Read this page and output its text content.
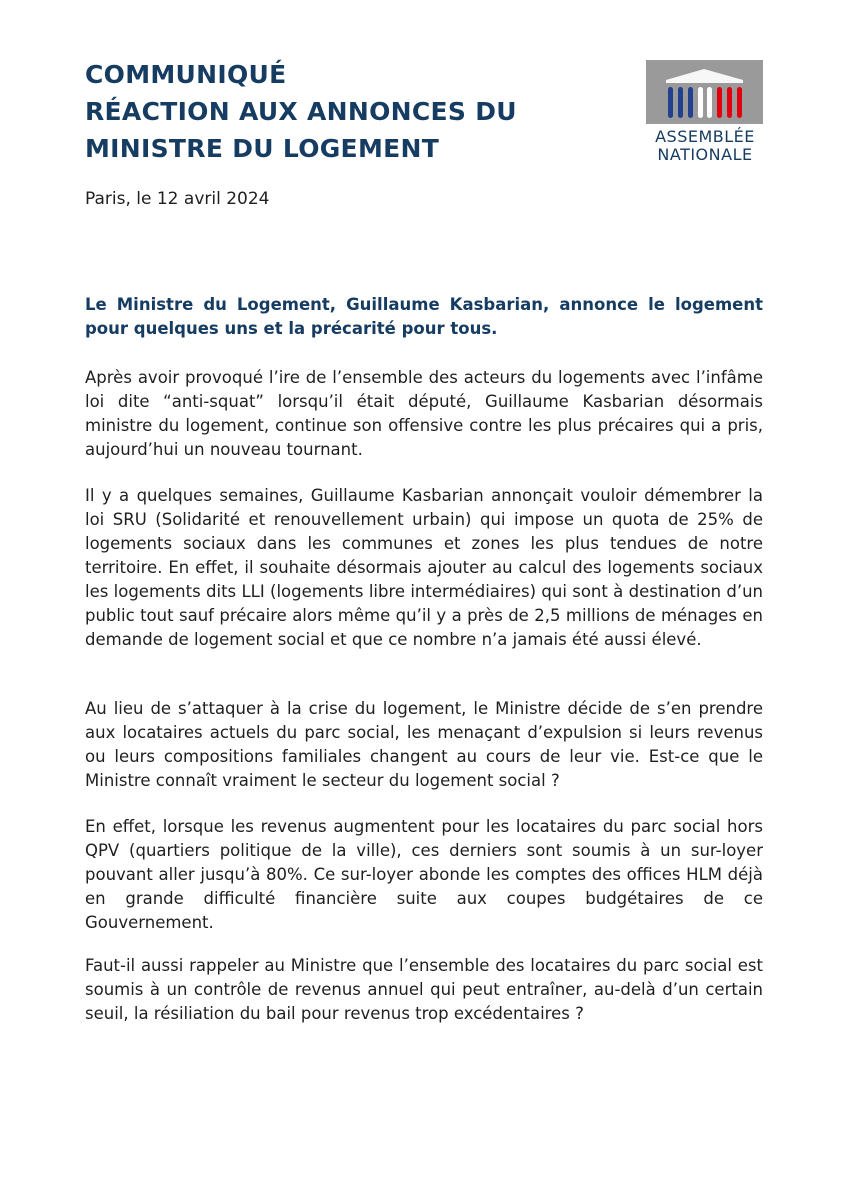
COMMUNIQUÉ
RÉACTION AUX ANNONCES DU
MINISTRE DU LOGEMENT	ASSEMBLÉE
NATIONALE
Paris, le 12 avril 2024

Le Ministre du Logement, Guillaume Kasbarian, annonce le logement pour quelques uns et la précarité pour tous.

Après avoir provoqué l’ire de l’ensemble des acteurs du logements avec l’infâme loi dite “anti-squat” lorsqu’il était député, Guillaume Kasbarian désormais ministre du logement, continue son offensive contre les plus précaires qui a pris, aujourd’hui un nouveau tournant.

Il y a quelques semaines, Guillaume Kasbarian annonçait vouloir démembrer la loi SRU (Solidarité et renouvellement urbain) qui impose un quota de 25% de logements sociaux dans les communes et zones les plus tendues de notre territoire. En effet, il souhaite désormais ajouter au calcul des logements sociaux les logements dits LLI (logements libre intermédiaires) qui sont à destination d’un public tout sauf précaire alors même qu’il y a près de 2,5 millions de ménages en demande de logement social et que ce nombre n’a jamais été aussi élevé.

Au lieu de s’attaquer à la crise du logement, le Ministre décide de s’en prendre aux locataires actuels du parc social, les menaçant d’expulsion si leurs revenus ou leurs compositions familiales changent au cours de leur vie. Est-ce que le Ministre connaît vraiment le secteur du logement social ?

En effet, lorsque les revenus augmentent pour les locataires du parc social hors QPV (quartiers politique de la ville), ces derniers sont soumis à un sur-loyer pouvant aller jusqu’à 80%. Ce sur-loyer abonde les comptes des offices HLM déjà en grande difficulté financière suite aux coupes budgétaires de ce Gouvernement.

Faut-il aussi rappeler au Ministre que l’ensemble des locataires du parc social est soumis à un contrôle de revenus annuel qui peut entraîner, au-delà d’un certain seuil, la résiliation du bail pour revenus trop excédentaires ?
